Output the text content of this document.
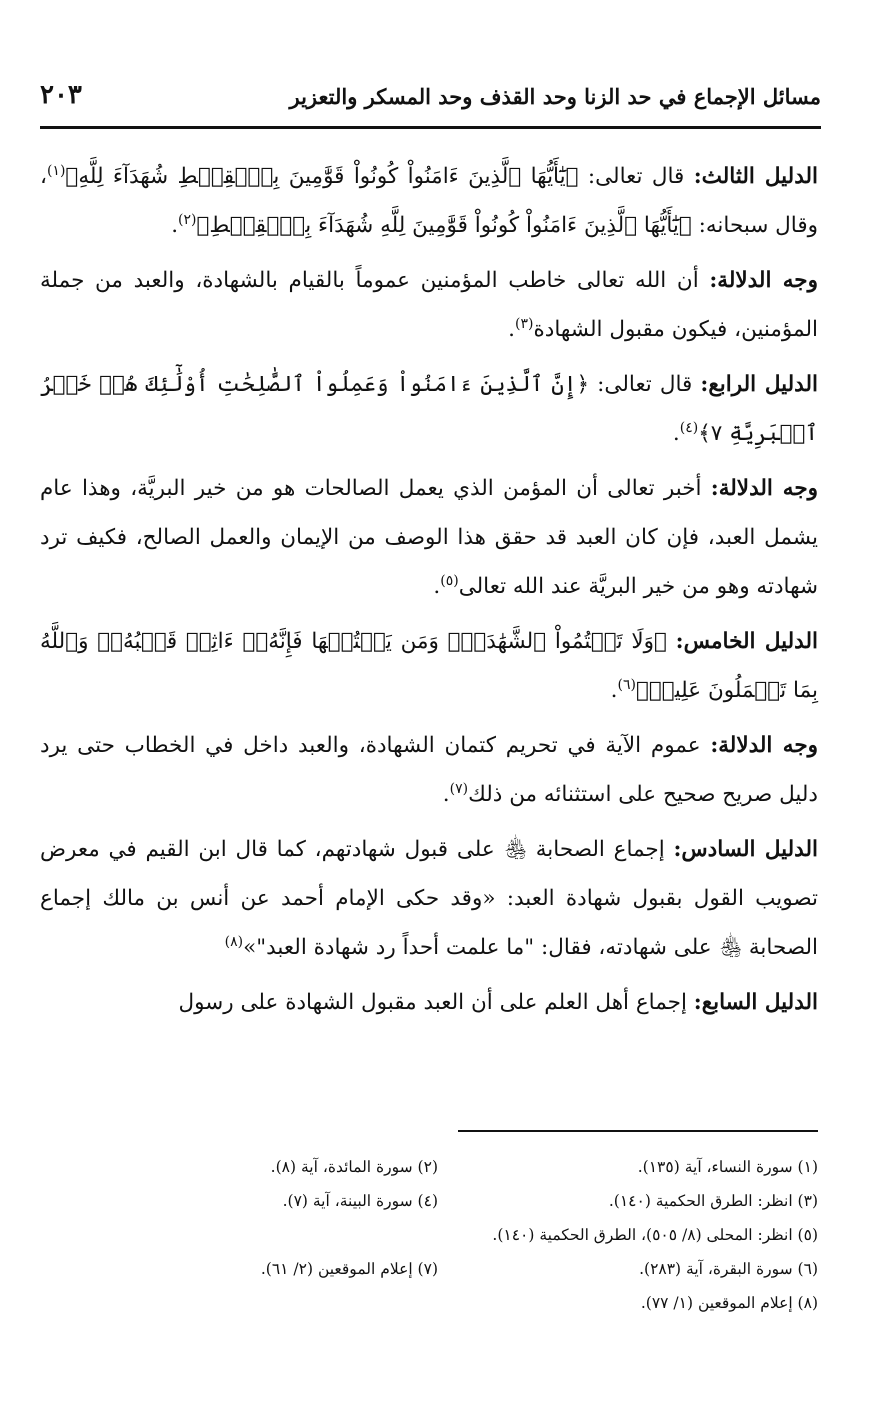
مسائل الإجماع في حد الزنا وحد القذف وحد المسكر والتعزير
٢٠٣

الدليل الثالث: قال تعالى: ﴿يَٰٓأَيُّهَا ٱلَّذِينَ ءَامَنُواْ كُونُواْ قَوَّٰمِينَ بِٱلۡقِسۡطِ شُهَدَآءَ لِلَّهِ﴾$^{(١)}$، وقال سبحانه: ﴿يَٰٓأَيُّهَا ٱلَّذِينَ ءَامَنُواْ كُونُواْ قَوَّٰمِينَ لِلَّهِ شُهَدَآءَ بِٱلۡقِسۡطِ﴾$^{(٢)}$.

وجه الدلالة: أن الله تعالى خاطب المؤمنين عموماً بالقيام بالشهادة، والعبد من جملة المؤمنين، فيكون مقبول الشهادة$^{(٣)}$.

الدليل الرابع: قال تعالى: ﴿إِنَّ ٱلَّذِينَ ءَامَنُواْ وَعَمِلُواْ ٱلصَّٰلِحَٰتِ أُوْلَٰٓئِكَ هُمۡ خَيۡرُ ٱلۡبَرِيَّةِ ٧﴾$^{(٤)}$.

وجه الدلالة: أخبر تعالى أن المؤمن الذي يعمل الصالحات هو من خير البريَّة، وهذا عام يشمل العبد، فإن كان العبد قد حقق هذا الوصف من الإيمان والعمل الصالح، فكيف ترد شهادته وهو من خير البريَّة عند الله تعالى$^{(٥)}$.

الدليل الخامس: ﴿وَلَا تَكۡتُمُواْ ٱلشَّهَٰدَةَۚ وَمَن يَكۡتُمۡهَا فَإِنَّهُۥٓ ءَاثِمٞ قَلۡبُهُۥۗ وَٱللَّهُ بِمَا تَعۡمَلُونَ عَلِيمٞ﴾$^{(٦)}$.

وجه الدلالة: عموم الآية في تحريم كتمان الشهادة، والعبد داخل في الخطاب حتى يرد دليل صريح صحيح على استثنائه من ذلك$^{(٧)}$.

الدليل السادس: إجماع الصحابة ﵃ على قبول شهادتهم، كما قال ابن القيم في معرض تصويب القول بقبول شهادة العبد: «وقد حكى الإمام أحمد عن أنس بن مالك إجماع الصحابة ﵃ على شهادته، فقال: "ما علمت أحداً رد شهادة العبد"»$^{(٨)}$

الدليل السابع: إجماع أهل العلم على أن العبد مقبول الشهادة على رسول

(١) سورة النساء، آية (١٣٥).
(٢) سورة المائدة، آية (٨).
(٣) انظر: الطرق الحكمية (١٤٠).
(٤) سورة البينة، آية (٧).
(٥) انظر: المحلى (٨/ ٥٠٥)، الطرق الحكمية (١٤٠).
(٦) سورة البقرة، آية (٢٨٣).
(٧) إعلام الموقعين (٢/ ٦١).
(٨) إعلام الموقعين (١/ ٧٧).
